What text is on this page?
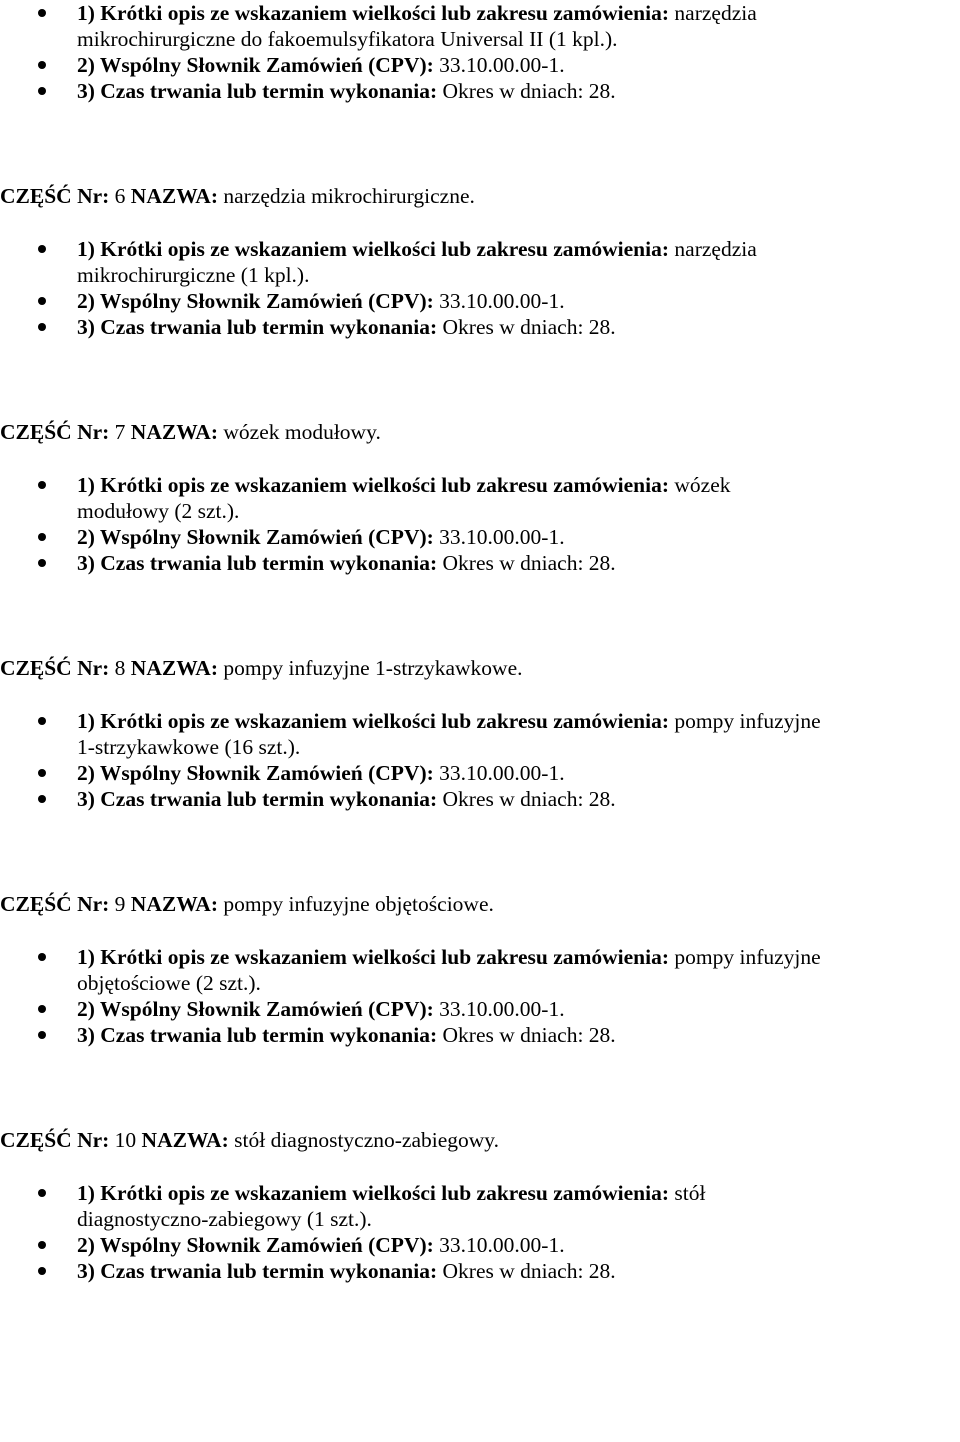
1) Krótki opis ze wskazaniem wielkości lub zakresu zamówienia: narzędzia
mikrochirurgiczne do fakoemulsyfikatora Universal II (1 kpl.).
2) Wspólny Słownik Zamówień (CPV): 33.10.00.00-1.
3) Czas trwania lub termin wykonania: Okres w dniach: 28.
CZĘŚĆ Nr: 6 NAZWA: narzędzia mikrochirurgiczne.
1) Krótki opis ze wskazaniem wielkości lub zakresu zamówienia: narzędzia
mikrochirurgiczne (1 kpl.).
2) Wspólny Słownik Zamówień (CPV): 33.10.00.00-1.
3) Czas trwania lub termin wykonania: Okres w dniach: 28.
CZĘŚĆ Nr: 7 NAZWA: wózek modułowy.
1) Krótki opis ze wskazaniem wielkości lub zakresu zamówienia: wózek
modułowy (2 szt.).
2) Wspólny Słownik Zamówień (CPV): 33.10.00.00-1.
3) Czas trwania lub termin wykonania: Okres w dniach: 28.
CZĘŚĆ Nr: 8 NAZWA: pompy infuzyjne 1-strzykawkowe.
1) Krótki opis ze wskazaniem wielkości lub zakresu zamówienia: pompy infuzyjne
1-strzykawkowe (16 szt.).
2) Wspólny Słownik Zamówień (CPV): 33.10.00.00-1.
3) Czas trwania lub termin wykonania: Okres w dniach: 28.
CZĘŚĆ Nr: 9 NAZWA: pompy infuzyjne objętościowe.
1) Krótki opis ze wskazaniem wielkości lub zakresu zamówienia: pompy infuzyjne
objętościowe (2 szt.).
2) Wspólny Słownik Zamówień (CPV): 33.10.00.00-1.
3) Czas trwania lub termin wykonania: Okres w dniach: 28.
CZĘŚĆ Nr: 10 NAZWA: stół diagnostyczno-zabiegowy.
1) Krótki opis ze wskazaniem wielkości lub zakresu zamówienia: stół
diagnostyczno-zabiegowy (1 szt.).
2) Wspólny Słownik Zamówień (CPV): 33.10.00.00-1.
3) Czas trwania lub termin wykonania: Okres w dniach: 28.
